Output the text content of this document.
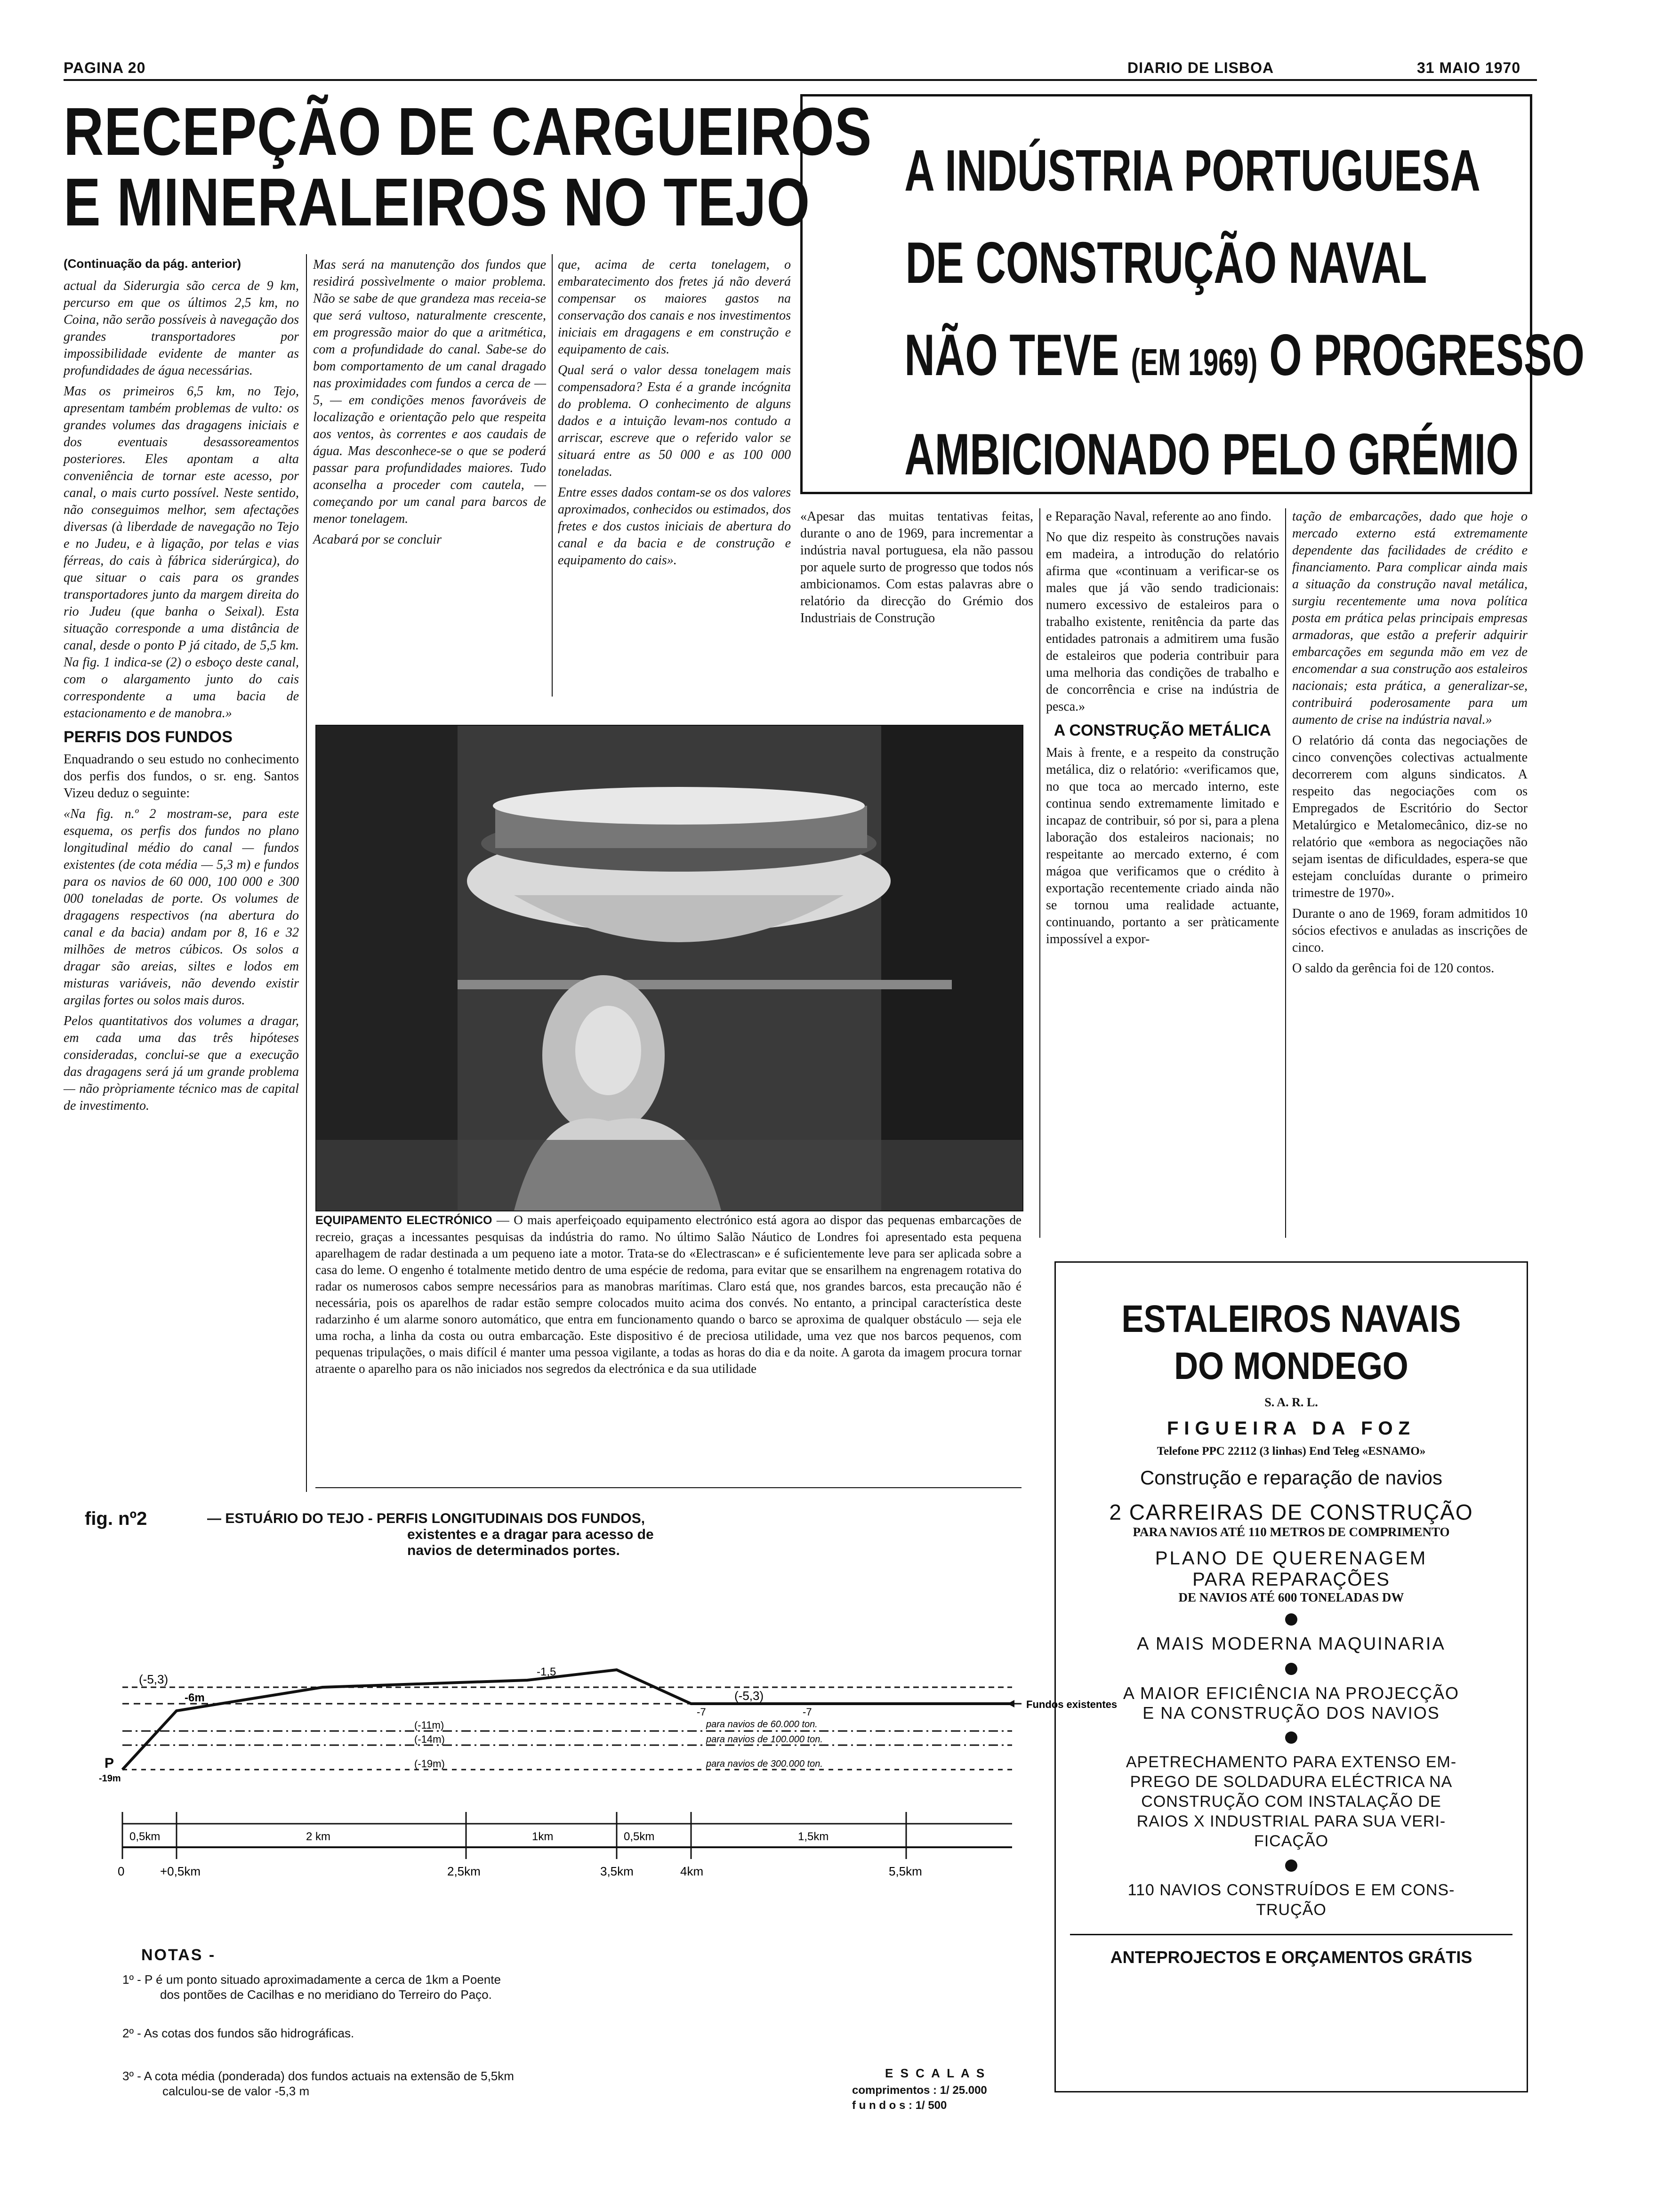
PAGINA 20	DIARIO DE LISBOA	31 MAIO 1970
RECEPÇÃO DE CARGUEIROS
E MINERALEIROS NO TEJO
(Continuação da pág. anterior)

actual da Siderurgia são cerca de 9 km, percurso em que os últimos 2,5 km, no Coina, não serão possíveis à navegação dos grandes transportadores por impossibilidade evidente de manter as profundidades de água necessárias.

Mas os primeiros 6,5 km, no Tejo, apresentam também problemas de vulto: os grandes volumes das dragagens iniciais e dos eventuais desassoreamentos posteriores. Eles apontam a alta conveniência de tornar este acesso, por canal, o mais curto possível. Neste sentido, não conseguimos melhor, sem afectações diversas (à liberdade de navegação no Tejo e no Judeu, e à ligação, por telas e vias férreas, do cais à fábrica siderúrgica), do que situar o cais para os grandes transportadores junto da margem direita do rio Judeu (que banha o Seixal). Esta situação corresponde a uma distância de canal, desde o ponto P já citado, de 5,5 km. Na fig. 1 indica-se (2) o esboço deste canal, com o alargamento junto do cais correspondente a uma bacia de estacionamento e de manobra.»

PERFIS DOS FUNDOS

Enquadrando o seu estudo no conhecimento dos perfis dos fundos, o sr. eng. Santos Vizeu deduz o seguinte:

«Na fig. n.º 2 mostram-se, para este esquema, os perfis dos fundos no plano longitudinal médio do canal — fundos existentes (de cota média — 5,3 m) e fundos para os navios de 60 000, 100 000 e 300 000 toneladas de porte. Os volumes de dragagens respectivos (na abertura do canal e da bacia) andam por 8, 16 e 32 milhões de metros cúbicos. Os solos a dragar são areias, siltes e lodos em misturas variáveis, não devendo existir argilas fortes ou solos mais duros.

Pelos quantitativos dos volumes a dragar, em cada uma das três hipóteses consideradas, conclui-se que a execução das dragagens será já um grande problema — não pròpriamente técnico mas de capital de investimento.

Mas será na manutenção dos fundos que residirá possìvelmente o maior problema. Não se sabe de que grandeza mas receia-se que será vultoso, naturalmente crescente, em progressão maior do que a aritmética, com a profundidade do canal. Sabe-se do bom comportamento de um canal dragado nas proximidades com fundos a cerca de —5, — em condições menos favoráveis de localização e orientação pelo que respeita aos ventos, às correntes e aos caudais de água. Mas desconhece-se o que se poderá passar para profundidades maiores. Tudo aconselha a proceder com cautela, — começando por um canal para barcos de menor tonelagem.

Acabará por se concluir

que, acima de certa tonelagem, o embaratecimento dos fretes já não deverá compensar os maiores gastos na conservação dos canais e nos investimentos iniciais em dragagens e em construção e equipamento de cais.

Qual será o valor dessa tonelagem mais compensadora? Esta é a grande incógnita do problema. O conhecimento de alguns dados e a intuição levam-nos contudo a arriscar, escreve que o referido valor se situará entre as 50 000 e as 100 000 toneladas.

Entre esses dados contam-se os dos valores aproximados, conhecidos ou estimados, dos fretes e dos custos iniciais de abertura do canal e da bacia e de construção e equipamento do cais».

A INDÚSTRIA PORTUGUESA
DE CONSTRUÇÃO NAVAL
NÃO TEVE (EM 1969) O PROGRESSO
AMBICIONADO PELO GRÉMIO

«Apesar das muitas tentativas feitas, durante o ano de 1969, para incrementar a indústria naval portuguesa, ela não passou por aquele surto de progresso que todos nós ambicionamos. Com estas palavras abre o relatório da direcção do Grémio dos Industriais de Construção

e Reparação Naval, referente ao ano findo.

No que diz respeito às construções navais em madeira, a introdução do relatório afirma que «continuam a verificar-se os males que já vão sendo tradicionais: numero excessivo de estaleiros para o trabalho existente, renitência da parte das entidades patronais a admitirem uma fusão de estaleiros que poderia contribuir para uma melhoria das condições de trabalho e de concorrência e crise na indústria de pesca.»

A CONSTRUÇÃO METÁLICA

Mais à frente, e a respeito da construção metálica, diz o relatório: «verificamos que, no que toca ao mercado interno, este continua sendo extremamente limitado e incapaz de contribuir, só por si, para a plena laboração dos estaleiros nacionais; no respeitante ao mercado externo, é com mágoa que verificamos que o crédito à exportação recentemente criado ainda não se tornou uma realidade actuante, continuando, portanto a ser pràticamente impossível a expor-

tação de embarcações, dado que hoje o mercado externo está extremamente dependente das facilidades de crédito e financiamento. Para complicar ainda mais a situação da construção naval metálica, surgiu recentemente uma nova política posta em prática pelas principais empresas armadoras, que estão a preferir adquirir embarcações em segunda mão em vez de encomendar a sua construção aos estaleiros nacionais; esta prática, a generalizar-se, contribuirá poderosamente para um aumento de crise na indústria naval.»

O relatório dá conta das negociações de cinco convenções colectivas actualmente decorrerem com alguns sindicatos. A respeito das negociações com os Empregados de Escritório do Sector Metalúrgico e Metalomecânico, diz-se no relatório que «embora as negociações não sejam isentas de dificuldades, espera-se que estejam concluídas durante o primeiro trimestre de 1970».

Durante o ano de 1969, foram admitidos 10 sócios efectivos e anuladas as inscrições de cinco.

O saldo da gerência foi de 120 contos.

EQUIPAMENTO ELECTRÓNICO — O mais aperfeiçoado equipamento electrónico está agora ao dispor das pequenas embarcações de recreio, graças a incessantes pesquisas da indústria do ramo. No último Salão Náutico de Londres foi apresentado esta pequena aparelhagem de radar destinada a um pequeno iate a motor. Trata-se do «Electrascan» e é suficientemente leve para ser aplicada sobre a casa do leme. O engenho é totalmente metido dentro de uma espécie de redoma, para evitar que se ensarilhem na engrenagem rotativa do radar os numerosos cabos sempre necessários para as manobras marítimas. Claro está que, nos grandes barcos, esta precaução não é necessária, pois os aparelhos de radar estão sempre colocados muito acima dos convés. No entanto, a principal característica deste radarzinho é um alarme sonoro automático, que entra em funcionamento quando o barco se aproxima de qualquer obstáculo — seja ele uma rocha, a linha da costa ou outra embarcação. Este dispositivo é de preciosa utilidade, uma vez que nos barcos pequenos, com pequenas tripulações, o mais difícil é manter uma pessoa vigilante, a todas as horas do dia e da noite. A garota da imagem procura tornar atraente o aparelho para os não iniciados nos segredos da electrónica e da sua utilidade
fig. nº2	— ESTUÁRIO DO TEJO - PERFIS LONGITUDINAIS DOS FUNDOS,
existentes e a dragar para acesso de
navios de determinados portes.
Fundos existentes
(-5,3)
-6m
-1,5
-7
(-5,3)
-7
(-11m)
(-14m)
(-19m)
para navios de 60.000 ton.
para navios de 100.000 ton.
para navios de 300.000 ton.
P
-19m
0,5km	2 km	1km	0,5km	1,5km
0	+0,5km	2,5km	3,5km	4km	5,5km
NOTAS -
1º - P é um ponto situado aproximadamente a cerca de 1km a Poente
dos pontões de Cacilhas e no meridiano do Terreiro do Paço.
2º - As cotas dos fundos são hidrográficas.
3º - A cota média (ponderada) dos fundos actuais na extensão de 5,5km
calculou-se de valor -5,3 m
E S C A L A S
comprimentos : 1/ 25.000
f u n d o s : 1/ 500
ESTALEIROS NAVAIS
DO MONDEGO
S. A. R. L.
FIGUEIRA DA FOZ
Telefone PPC 22112 (3 linhas) End Teleg «ESNAMO»
Construção e reparação de navios
2 CARREIRAS DE CONSTRUÇÃO
PARA NAVIOS ATÉ 110 METROS DE COMPRIMENTO
PLANO DE QUERENAGEM
PARA REPARAÇÕES
DE NAVIOS ATÉ 600 TONELADAS DW
A MAIS MODERNA MAQUINARIA
A MAIOR EFICIÊNCIA NA PROJECÇÃO
E NA CONSTRUÇÃO DOS NAVIOS
APETRECHAMENTO PARA EXTENSO EM-
PREGO DE SOLDADURA ELÉCTRICA NA
CONSTRUÇÃO COM INSTALAÇÃO DE
RAIOS X INDUSTRIAL PARA SUA VERI-
FICAÇÃO
110 NAVIOS CONSTRUÍDOS E EM CONS-
TRUÇÃO
ANTEPROJECTOS E ORÇAMENTOS GRÁTIS
